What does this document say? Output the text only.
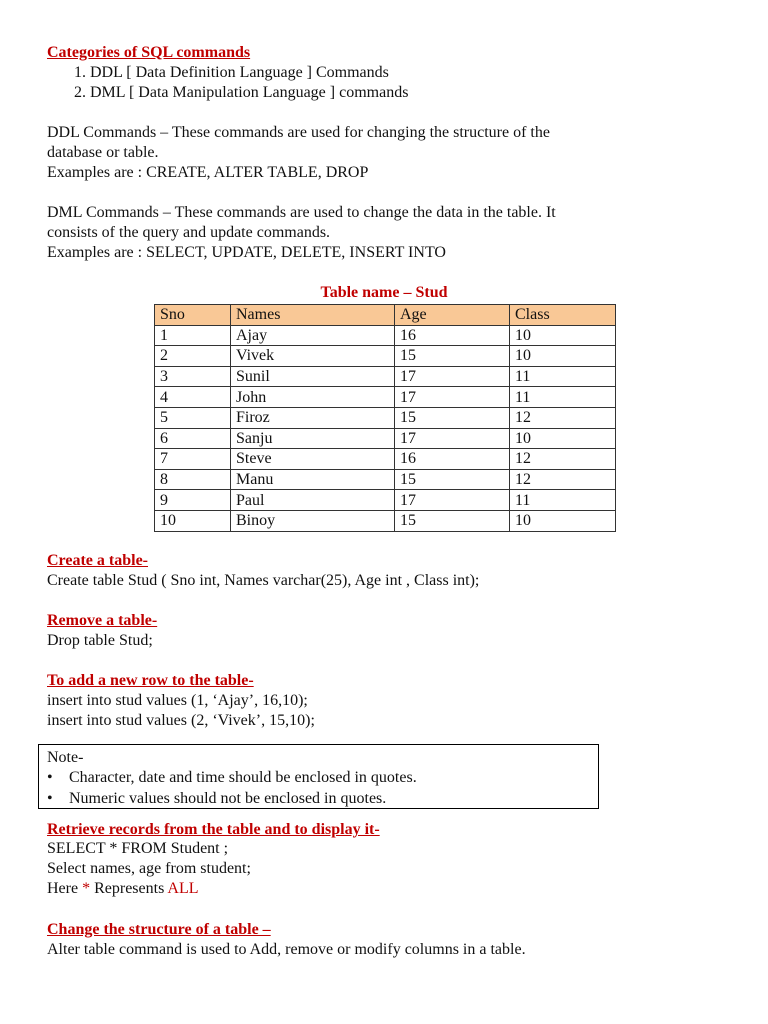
Categories of SQL commands
1. DDL [ Data Definition Language ] Commands
2. DML [ Data Manipulation Language ] commands
DDL Commands – These commands are used for changing the structure of the
database or table.
Examples are : CREATE, ALTER TABLE, DROP
DML Commands – These commands are used to change the data in the table. It
consists of the query and update commands.
Examples are : SELECT, UPDATE, DELETE, INSERT INTO
Table name – Stud
Sno	Names	Age	Class
1	Ajay	16	10
2	Vivek	15	10
3	Sunil	17	11
4	John	17	11
5	Firoz	15	12
6	Sanju	17	10
7	Steve	16	12
8	Manu	15	12
9	Paul	17	11
10	Binoy	15	10
Create a table-
Create table Stud ( Sno int, Names varchar(25), Age int , Class int);
Remove a table-
Drop table Stud;
To add a new row to the table-
insert into stud values (1, ‘Ajay’, 16,10);
insert into stud values (2, ‘Vivek’, 15,10);
Note-
• Character, date and time should be enclosed in quotes.
• Numeric values should not be enclosed in quotes.
Retrieve records from the table and to display it-
SELECT * FROM Student ;
Select names, age from student;
Here * Represents ALL
Change the structure of a table –
Alter table command is used to Add, remove or modify columns in a table.
